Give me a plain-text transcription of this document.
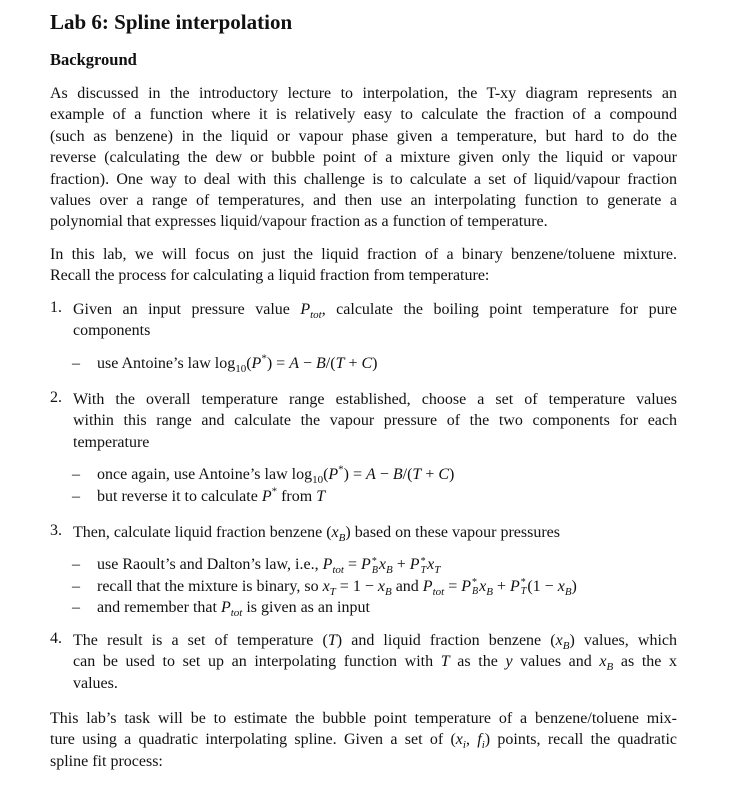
Lab 6: Spline interpolation
Background
As discussed in the introductory lecture to interpolation, the T-xy diagram represents an
example of a function where it is relatively easy to calculate the fraction of a compound
(such as benzene) in the liquid or vapour phase given a temperature, but hard to do the
reverse (calculating the dew or bubble point of a mixture given only the liquid or vapour
fraction). One way to deal with this challenge is to calculate a set of liquid/vapour fraction
values over a range of temperatures, and then use an interpolating function to generate a
polynomial that expresses liquid/vapour fraction as a function of temperature.
In this lab, we will focus on just the liquid fraction of a binary benzene/toluene mixture.
Recall the process for calculating a liquid fraction from temperature:
1. Given an input pressure value $P_{tot}$, calculate the boiling point temperature for pure
components
– use Antoine’s law $\log_{10}(P^*) = A - B/(T + C)$
2. With the overall temperature range established, choose a set of temperature values
within this range and calculate the vapour pressure of the two components for each
temperature
– once again, use Antoine’s law $\log_{10}(P^*) = A - B/(T + C)$
– but reverse it to calculate P* from T
3. Then, calculate liquid fraction benzene $(x_B)$ based on these vapour pressures
– use Raoult’s and Dalton’s law, i.e., $P_{tot} = P$ *
B $x_B + P$ *
T $x_T$
– recall that the mixture is binary, so $x_T = 1 - x_B$ and $P_{tot} = P$ *
B $x_B + P$ *
T $(1 - x_B)$
– and remember that $P_{tot}$ is given as an input
4. The result is a set of temperature (T) and liquid fraction benzene $(x_B)$ values, which
can be used to set up an interpolating function with T as the y values and $x_B$ as the x
values.
This lab’s task will be to estimate the bubble point temperature of a benzene/toluene mix-
ture using a quadratic interpolating spline. Given a set of ($x_i$, $f_i$) points, recall the quadratic
spline fit process:
